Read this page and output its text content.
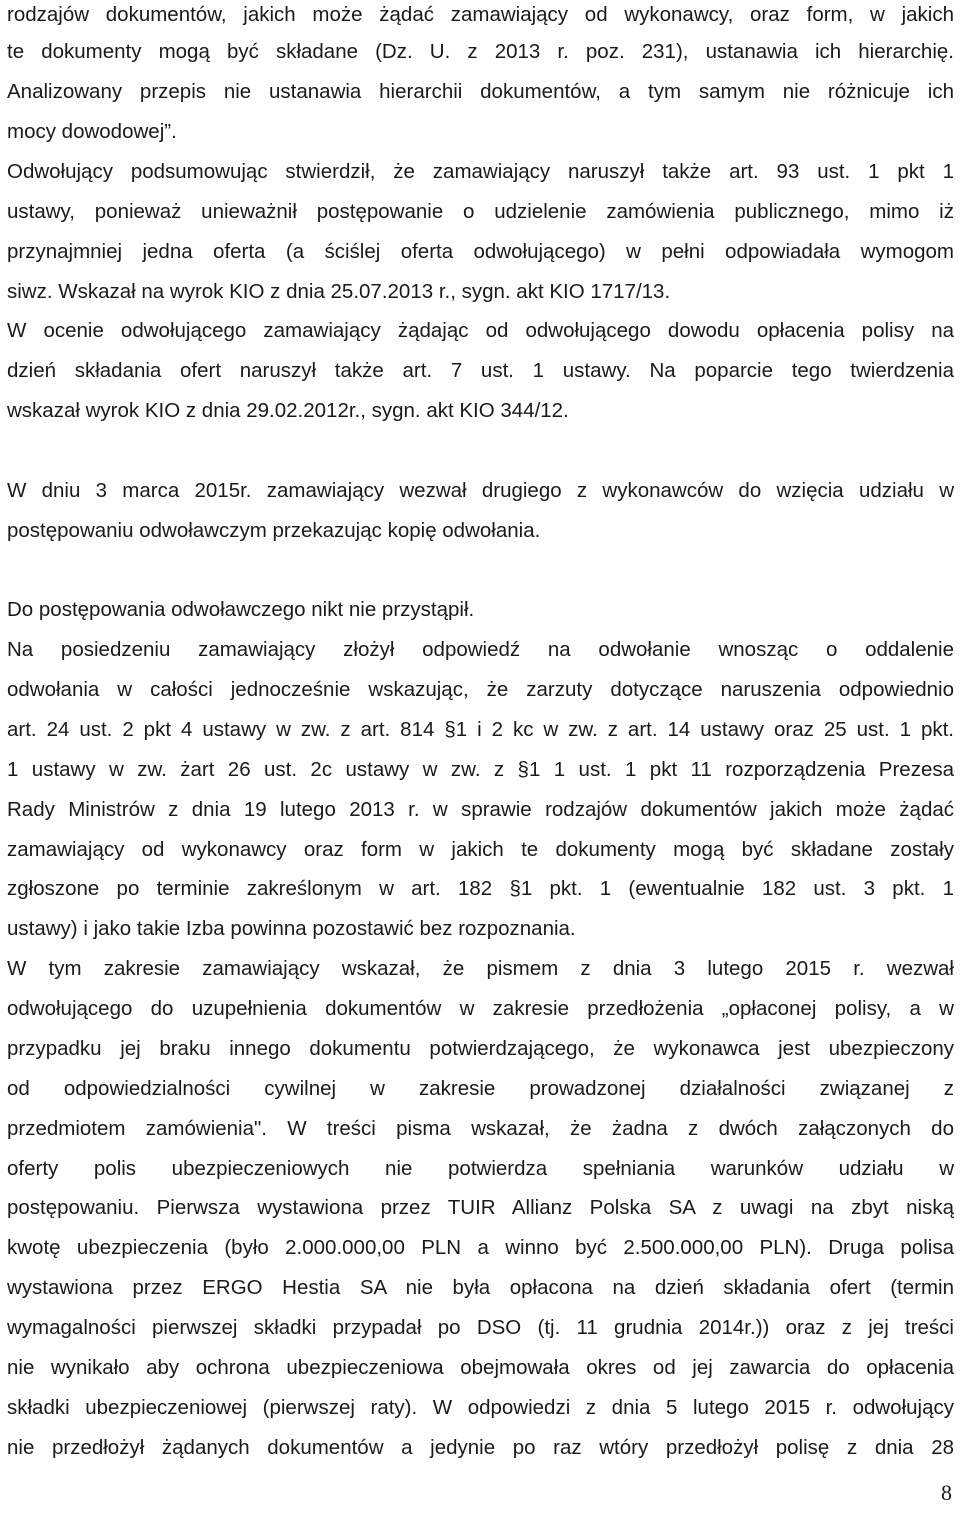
rodzajów dokumentów, jakich może żądać zamawiający od wykonawcy, oraz form, w jakich
te dokumenty mogą być składane (Dz. U. z 2013 r. poz. 231), ustanawia ich hierarchię.
Analizowany przepis nie ustanawia hierarchii dokumentów, a tym samym nie różnicuje ich
mocy dowodowej”.
Odwołujący podsumowując stwierdził, że zamawiający naruszył także art. 93 ust. 1 pkt 1
ustawy, ponieważ unieważnił postępowanie o udzielenie zamówienia publicznego, mimo iż
przynajmniej jedna oferta (a ściślej oferta odwołującego) w pełni odpowiadała wymogom
siwz. Wskazał na wyrok KIO z dnia 25.07.2013 r., sygn. akt KIO 1717/13.
W ocenie odwołującego zamawiający żądając od odwołującego dowodu opłacenia polisy na
dzień składania ofert naruszył także art. 7 ust. 1 ustawy. Na poparcie tego twierdzenia
wskazał wyrok KIO z dnia 29.02.2012r., sygn. akt KIO 344/12.
W dniu 3 marca 2015r. zamawiający wezwał drugiego z wykonawców do wzięcia udziału w
postępowaniu odwoławczym przekazując kopię odwołania.
Do postępowania odwoławczego nikt nie przystąpił.
Na posiedzeniu zamawiający złożył odpowiedź na odwołanie wnosząc o oddalenie
odwołania w całości jednocześnie wskazując, że zarzuty dotyczące naruszenia odpowiednio
art. 24 ust. 2 pkt 4 ustawy w zw. z art. 814 §1 i 2 kc w zw. z art. 14 ustawy oraz 25 ust. 1 pkt.
1 ustawy w zw. żart 26 ust. 2c ustawy w zw. z §1 1 ust. 1 pkt 11 rozporządzenia Prezesa
Rady Ministrów z dnia 19 lutego 2013 r. w sprawie rodzajów dokumentów jakich może żądać
zamawiający od wykonawcy oraz form w jakich te dokumenty mogą być składane zostały
zgłoszone po terminie zakreślonym w art. 182 §1 pkt. 1 (ewentualnie 182 ust. 3 pkt. 1
ustawy) i jako takie Izba powinna pozostawić bez rozpoznania.
W tym zakresie zamawiający wskazał, że pismem z dnia 3 lutego 2015 r. wezwał
odwołującego do uzupełnienia dokumentów w zakresie przedłożenia „opłaconej polisy, a w
przypadku jej braku innego dokumentu potwierdzającego, że wykonawca jest ubezpieczony
od odpowiedzialności cywilnej w zakresie prowadzonej działalności związanej z
przedmiotem zamówienia". W treści pisma wskazał, że żadna z dwóch załączonych do
oferty polis ubezpieczeniowych nie potwierdza spełniania warunków udziału w
postępowaniu. Pierwsza wystawiona przez TUIR Allianz Polska SA z uwagi na zbyt niską
kwotę ubezpieczenia (było 2.000.000,00 PLN a winno być 2.500.000,00 PLN). Druga polisa
wystawiona przez ERGO Hestia SA nie była opłacona na dzień składania ofert (termin
wymagalności pierwszej składki przypadał po DSO (tj. 11 grudnia 2014r.)) oraz z jej treści
nie wynikało aby ochrona ubezpieczeniowa obejmowała okres od jej zawarcia do opłacenia
składki ubezpieczeniowej (pierwszej raty). W odpowiedzi z dnia 5 lutego 2015 r. odwołujący
nie przedłożył żądanych dokumentów a jedynie po raz wtóry przedłożył polisę z dnia 28
8
